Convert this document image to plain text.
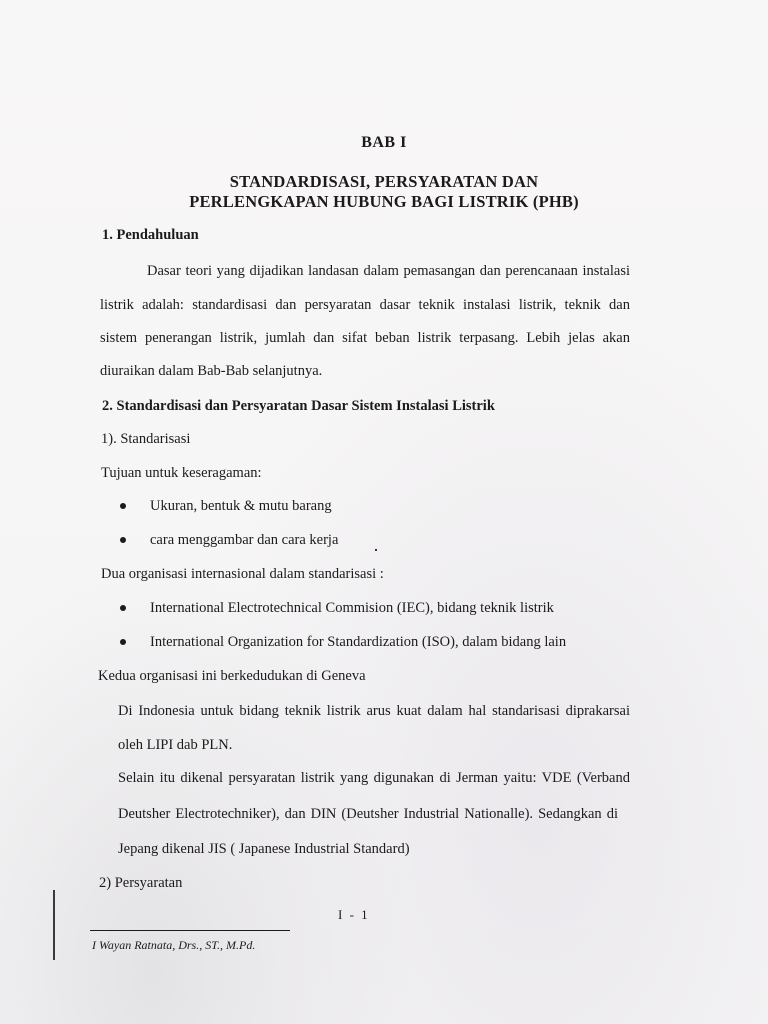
BAB I
STANDARDISASI, PERSYARATAN DAN
PERLENGKAPAN HUBUNG BAGI LISTRIK (PHB)
1. Pendahuluan
Dasar teori yang dijadikan landasan dalam pemasangan dan perencanaan instalasi
listrik adalah: standardisasi dan persyaratan dasar teknik instalasi listrik, teknik dan
sistem penerangan listrik, jumlah dan sifat beban listrik terpasang. Lebih jelas akan
diuraikan dalam Bab-Bab selanjutnya.
2. Standardisasi dan Persyaratan Dasar Sistem Instalasi Listrik
1). Standarisasi
Tujuan untuk keseragaman:
Ukuran, bentuk & mutu barang
cara menggambar dan cara kerja
Dua organisasi internasional dalam standarisasi :
International Electrotechnical Commision (IEC), bidang teknik listrik
International Organization for Standardization (ISO), dalam bidang lain
Kedua organisasi ini berkedudukan di Geneva
Di Indonesia untuk bidang teknik listrik arus kuat dalam hal standarisasi diprakarsai
oleh LIPI dab PLN.
Selain itu dikenal persyaratan listrik yang digunakan di Jerman yaitu: VDE (Verband
Deutsher Electrotechniker), dan DIN (Deutsher Industrial Nationalle). Sedangkan di
Jepang dikenal JIS ( Japanese Industrial Standard)
2) Persyaratan
I - 1
I Wayan Ratnata, Drs., ST., M.Pd.
